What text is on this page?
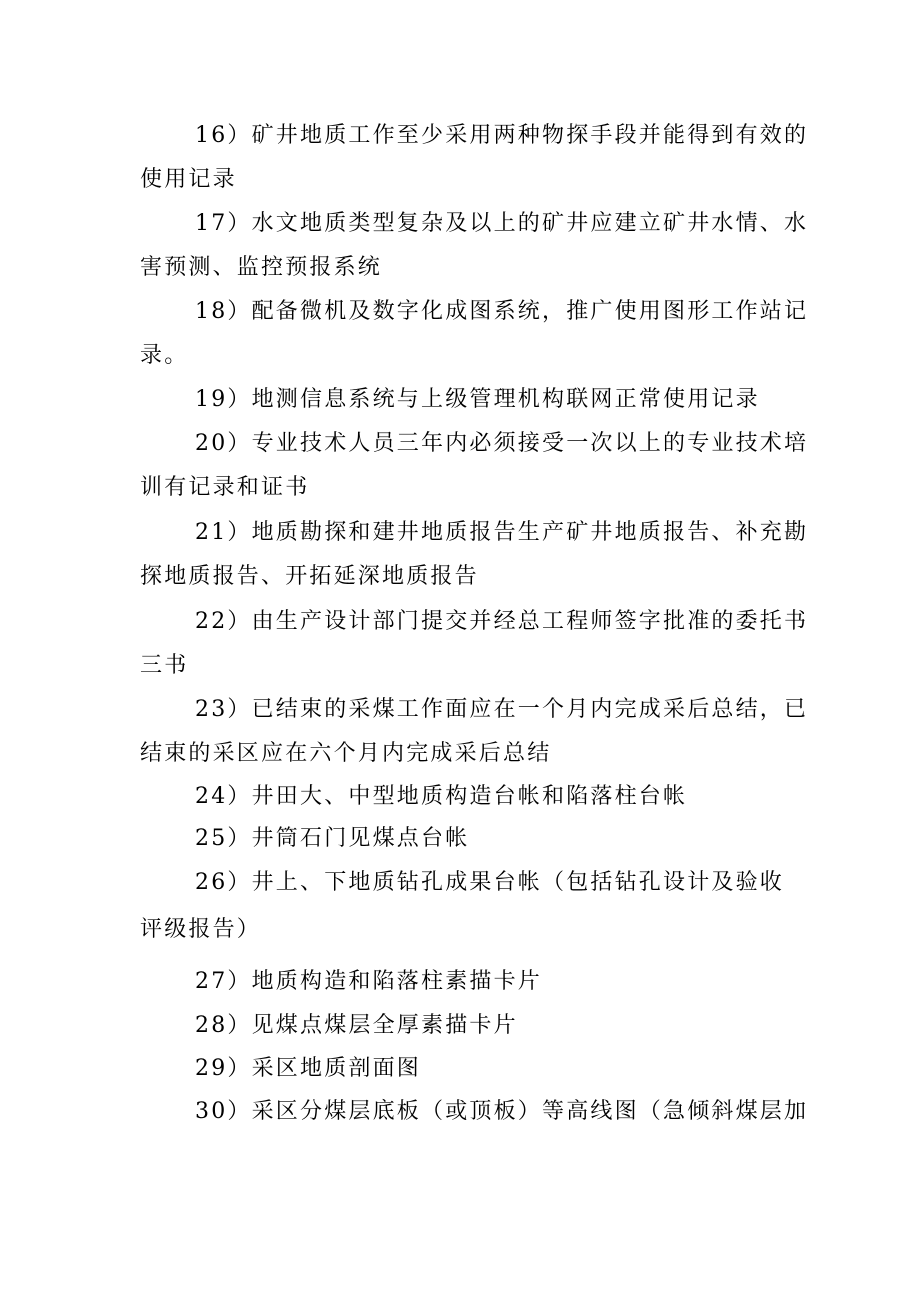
16）矿井地质工作至少采用两种物探手段并能得到有效的
使用记录
17）水文地质类型复杂及以上的矿井应建立矿井水情、水
害预测、监控预报系统
18）配备微机及数字化成图系统，推广使用图形工作站记
录。
19）地测信息系统与上级管理机构联网正常使用记录
20）专业技术人员三年内必须接受一次以上的专业技术培
训有记录和证书
21）地质勘探和建井地质报告生产矿井地质报告、补充勘
探地质报告、开拓延深地质报告
22）由生产设计部门提交并经总工程师签字批准的委托书
三书
23）已结束的采煤工作面应在一个月内完成采后总结，已
结束的采区应在六个月内完成采后总结
24）井田大、中型地质构造台帐和陷落柱台帐
25）井筒石门见煤点台帐
26）井上、下地质钻孔成果台帐（包括钻孔设计及验收
评级报告）
27）地质构造和陷落柱素描卡片
28）见煤点煤层全厚素描卡片
29）采区地质剖面图
30）采区分煤层底板（或顶板）等高线图（急倾斜煤层加
